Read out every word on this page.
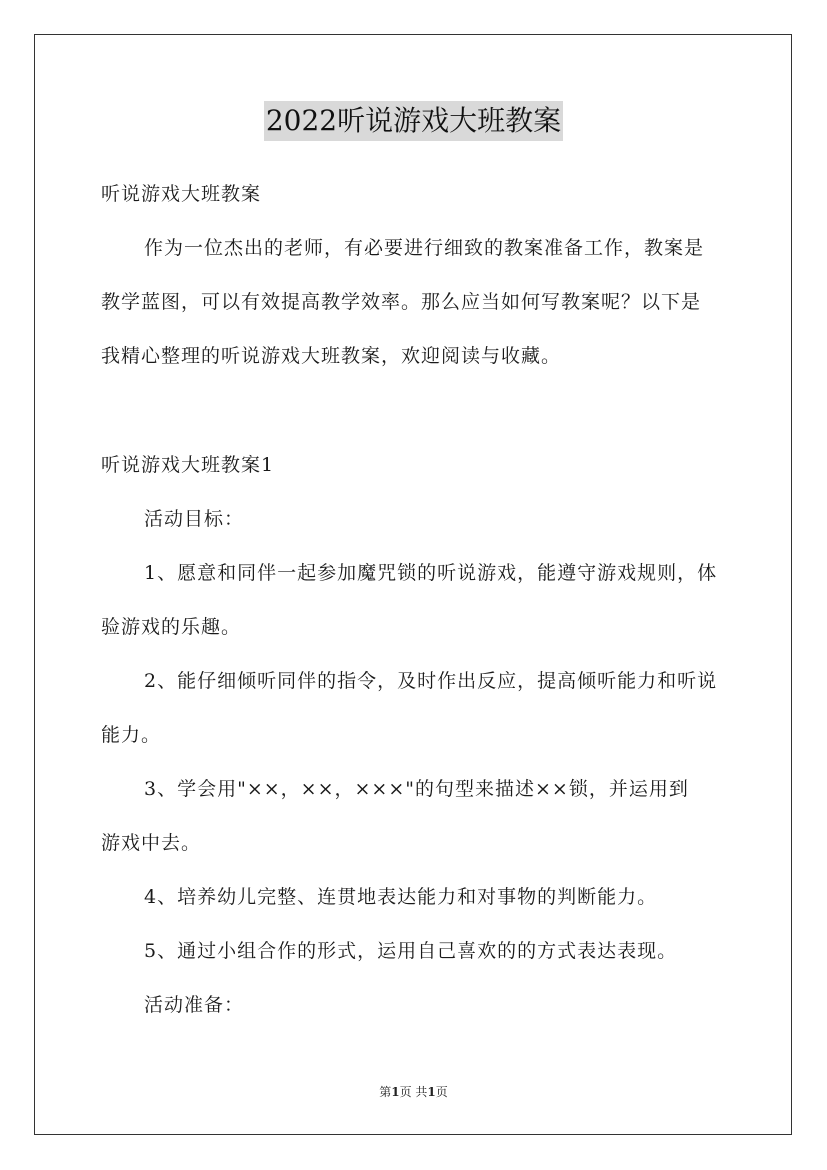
2022听说游戏大班教案
听说游戏大班教案
作为一位杰出的老师，有必要进行细致的教案准备工作，教案是
教学蓝图，可以有效提高教学效率。那么应当如何写教案呢？以下是
我精心整理的听说游戏大班教案，欢迎阅读与收藏。
听说游戏大班教案1
活动目标：
1、愿意和同伴一起参加魔咒锁的听说游戏，能遵守游戏规则，体
验游戏的乐趣。
2、能仔细倾听同伴的指令，及时作出反应，提高倾听能力和听说
能力。
3、学会用"××，××，×××"的句型来描述××锁，并运用到
游戏中去。
4、培养幼儿完整、连贯地表达能力和对事物的判断能力。
5、通过小组合作的形式，运用自己喜欢的的方式表达表现。
活动准备：
第1页 共1页
